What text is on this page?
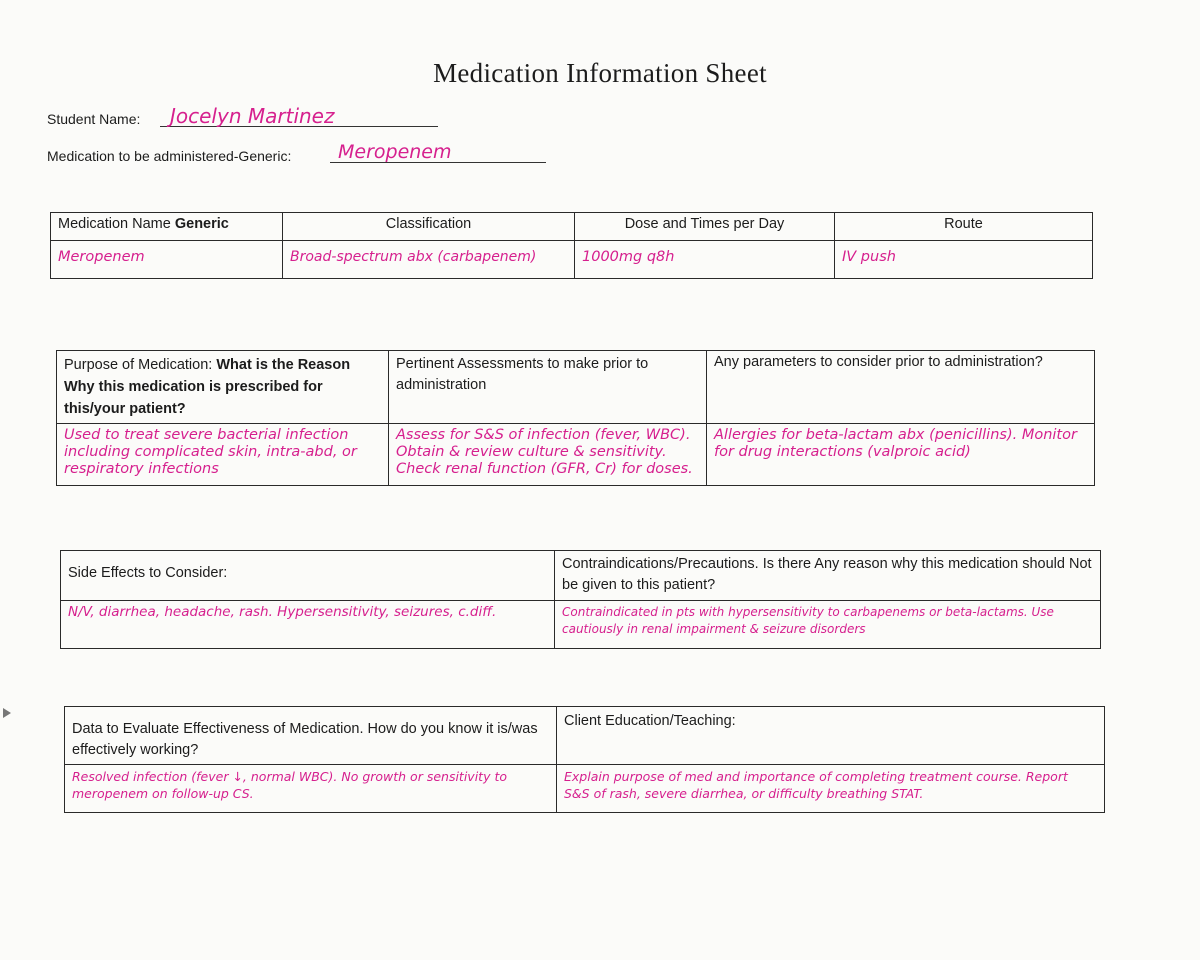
Medication Information Sheet
Student Name: Jocelyn Martinez
Medication to be administered-Generic: Meropenem
Medication Name Generic	Classification	Dose and Times per Day	Route
Meropenem	Broad-spectrum abx (carbapenem)	1000mg q8h	IV push
Purpose of Medication: What is the Reason Why this medication is prescribed for this/your patient?	Pertinent Assessments to make prior to administration	Any parameters to consider prior to administration?
Used to treat severe bacterial infection including complicated skin, intra-abd, or respiratory infections	Assess for S&S of infection (fever, WBC). Obtain & review culture & sensitivity. Check renal function (GFR, Cr) for doses.	Allergies for beta-lactam abx (penicillins). Monitor for drug interactions (valproic acid)
Side Effects to Consider:	Contraindications/Precautions. Is there Any reason why this medication should Not be given to this patient?
N/V, diarrhea, headache, rash. Hypersensitivity, seizures, c.diff.	Contraindicated in pts with hypersensitivity to carbapenems or beta-lactams. Use cautiously in renal impairment & seizure disorders
Data to Evaluate Effectiveness of Medication. How do you know it is/was effectively working?	Client Education/Teaching:
Resolved infection (fever ↓, normal WBC). No growth or sensitivity to meropenem on follow-up CS.	Explain purpose of med and importance of completing treatment course. Report S&S of rash, severe diarrhea, or difficulty breathing STAT.
